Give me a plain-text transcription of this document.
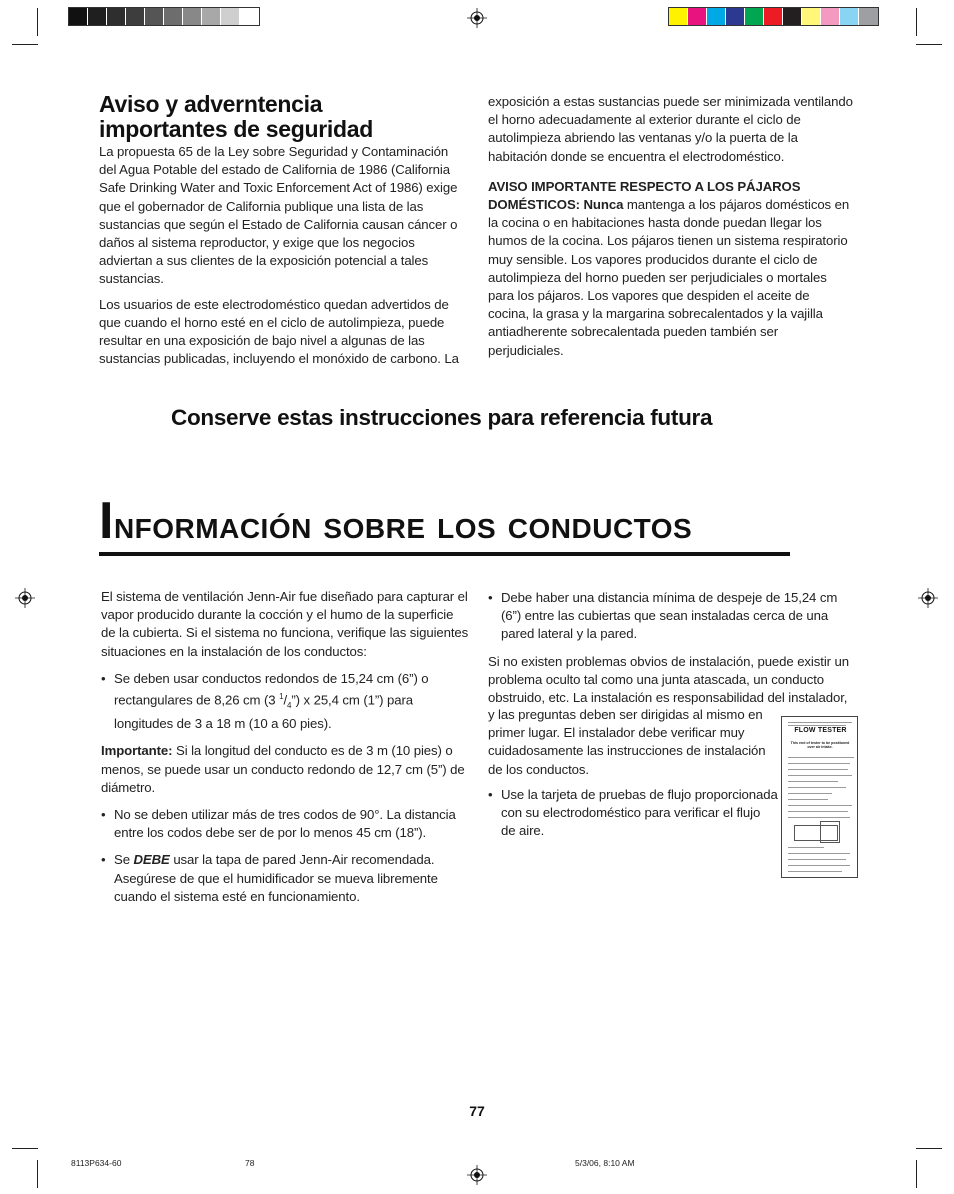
Aviso y adverntencia
importantes de seguridad

La propuesta 65 de la Ley sobre Seguridad y Contaminación del Agua Potable del estado de California de 1986 (California Safe Drinking Water and Toxic Enforcement Act of 1986) exige que el gobernador de California publique una lista de las sustancias que según el Estado de California causan cáncer o daños al sistema reproductor, y exige que los negocios adviertan a sus clientes de la exposición potencial a tales sustancias.

Los usuarios de este electrodoméstico quedan advertidos de que cuando el horno esté en el ciclo de autolimpieza, puede resultar en una exposición de bajo nivel a algunas de las sustancias publicadas, incluyendo el monóxido de carbono. La

exposición a estas sustancias puede ser minimizada ventilando el horno adecuadamente al exterior durante el ciclo de autolimpieza abriendo las ventanas y/o la puerta de la habitación donde se encuentra el electrodoméstico.

AVISO IMPORTANTE RESPECTO A LOS PÁJAROS DOMÉSTICOS: Nunca mantenga a los pájaros domésticos en la cocina o en habitaciones hasta donde puedan llegar los humos de la cocina. Los pájaros tienen un sistema respiratorio muy sensible. Los vapores producidos durante el ciclo de autolimpieza del horno pueden ser perjudiciales o mortales para los pájaros. Los vapores que despiden el aceite de cocina, la grasa y la margarina sobrecalentados y la vajilla antiadherente sobrecalentada pueden también ser perjudiciales.

Conserve estas instrucciones para referencia futura
Información sobre los conductos

El sistema de ventilación Jenn-Air fue diseñado para capturar el vapor producido durante la cocción y el humo de la superficie de la cubierta. Si el sistema no funciona, verifique las siguientes situaciones en la instalación de los conductos:

• Se deben usar conductos redondos de 15,24 cm (6”) o rectangulares de 8,26 cm (3 $^1/_4$”) x 25,4 cm (1”) para longitudes de 3 a 18 m (10 a 60 pies).

Importante: Si la longitud del conducto es de 3 m (10 pies) o menos, se puede usar un conducto redondo de 12,7 cm (5”) de diámetro.

• No se deben utilizar más de tres codos de 90°. La distancia entre los codos debe ser de por lo menos 45 cm (18”).

• Se DEBE usar la tapa de pared Jenn-Air recomendada. Asegúrese de que el humidificador se mueva libremente cuando el sistema esté en funcionamiento.

• Debe haber una distancia mínima de despeje de 15,24 cm (6”) entre las cubiertas que sean instaladas cerca de una pared lateral y la pared.

Si no existen problemas obvios de instalación, puede existir un problema oculto tal como una junta atascada, un conducto obstruido, etc. La instalación es responsabilidad del instalador,

y las preguntas deben ser dirigidas al mismo en primer lugar. El instalador debe verificar muy cuidadosamente las instrucciones de instalación de los conductos.

• Use la tarjeta de pruebas de flujo proporcionada con su electrodoméstico para verificar el flujo de aire.

FLOW TESTER
This end of tester to be positioned over air intake.
77
8113P634-60	78	5/3/06, 8:10 AM
